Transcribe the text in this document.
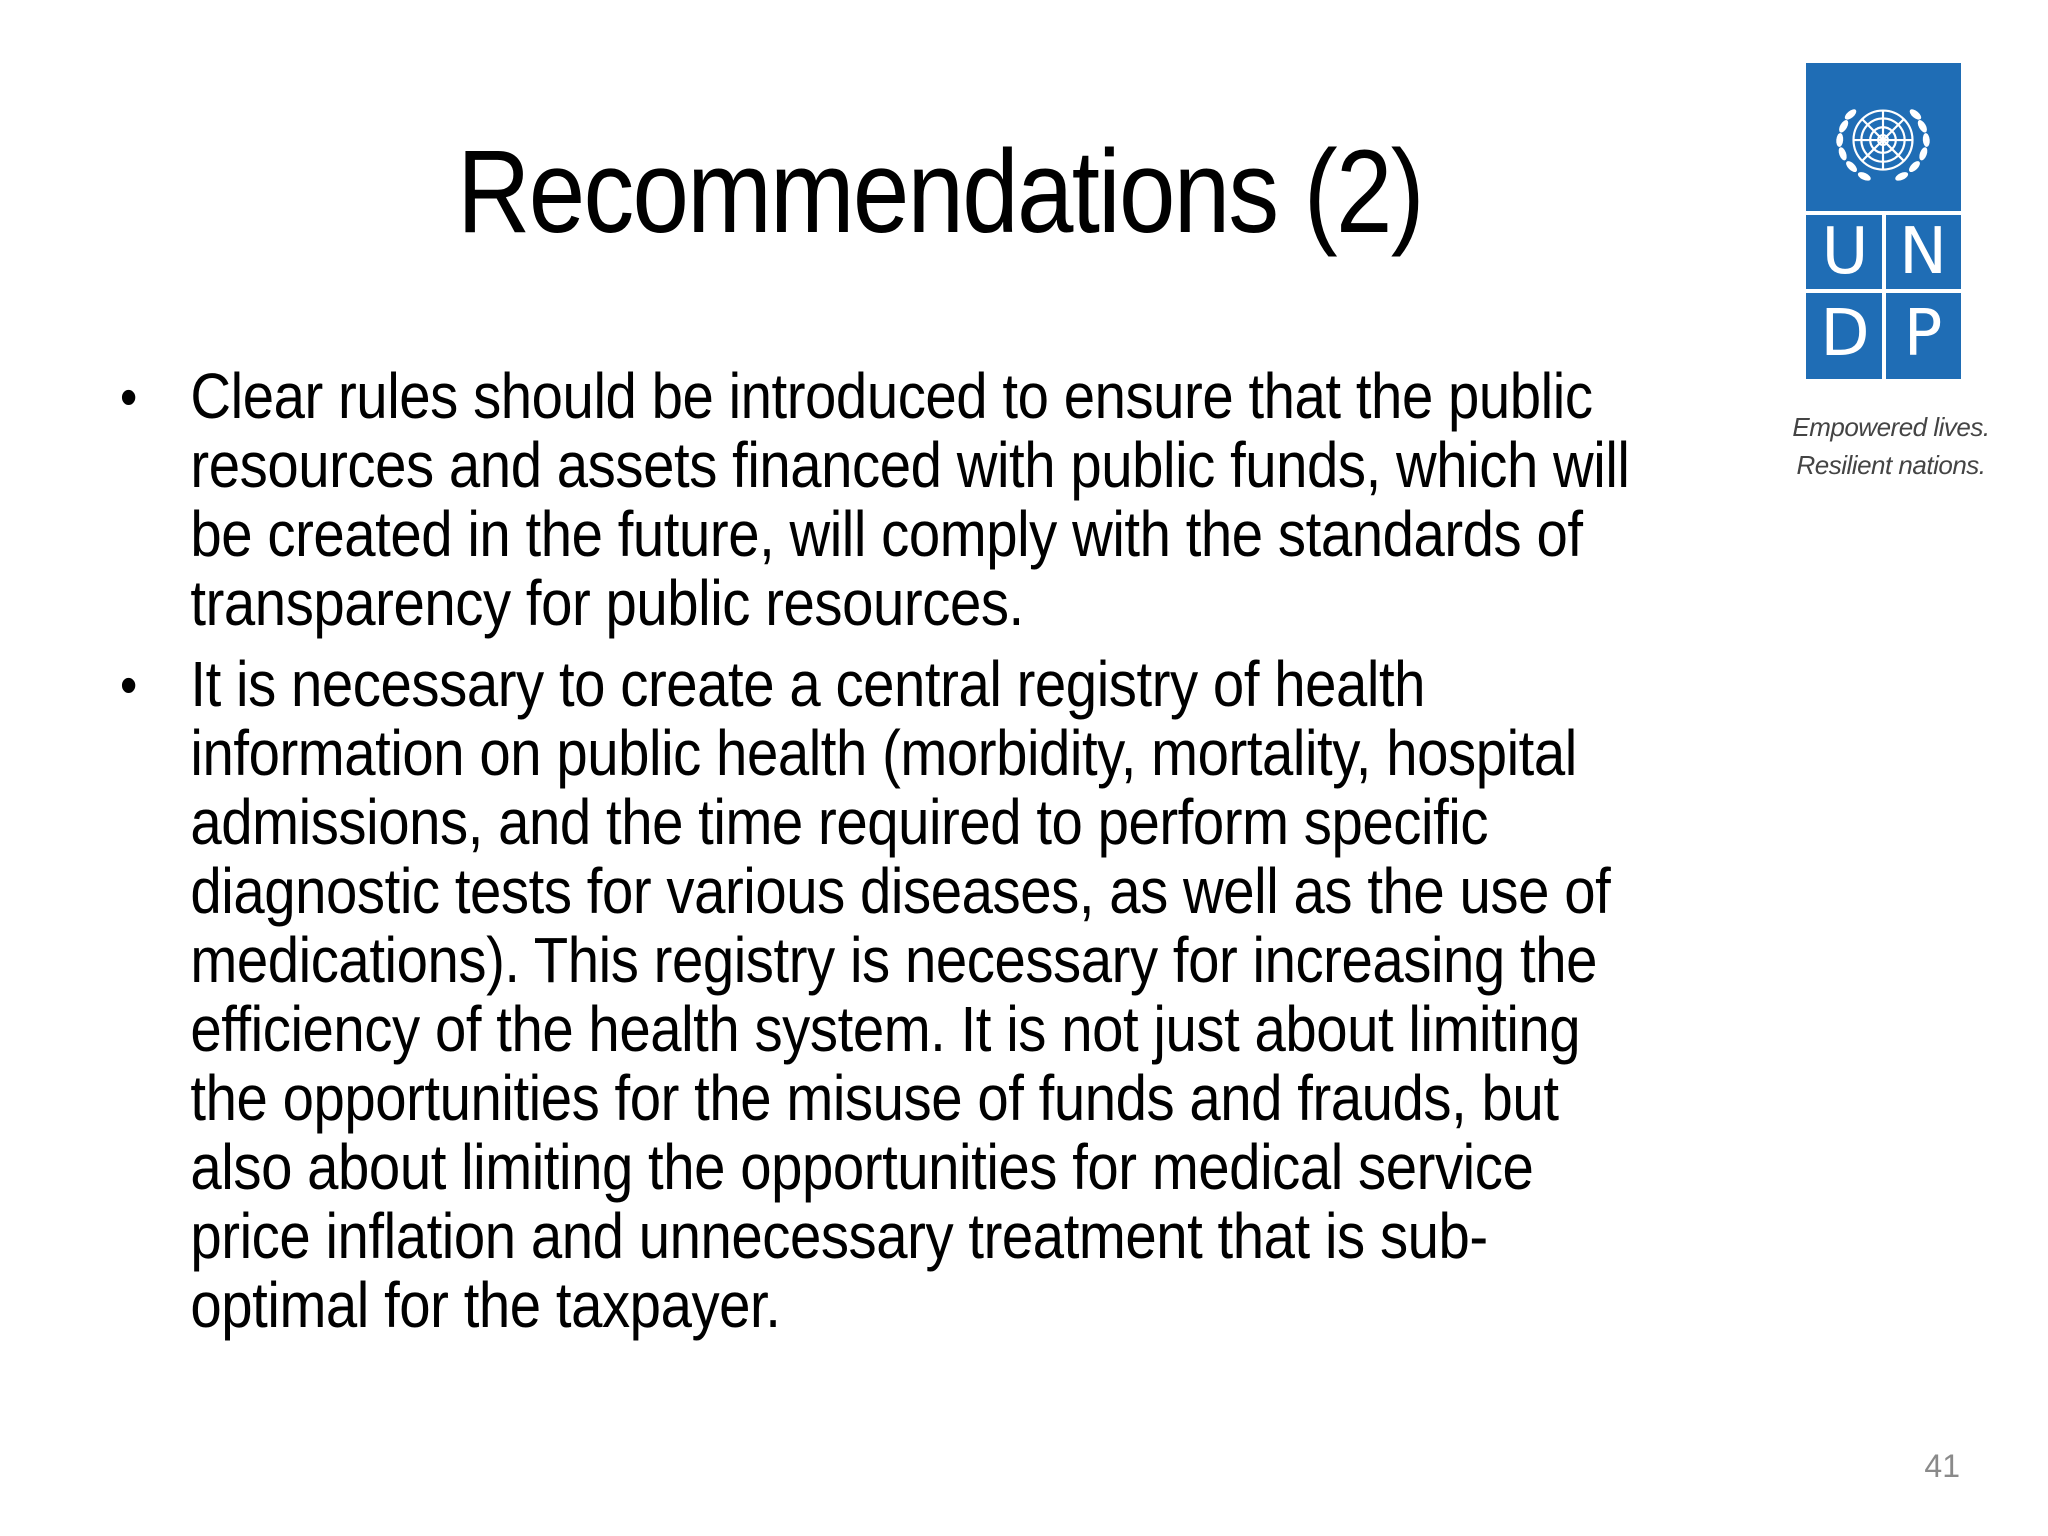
Recommendations (2)
• Clear rules should be introduced to ensure that the public resources and assets financed with public funds, which will be created in the future, will comply with the standards of transparency for public resources.
• It is necessary to create a central registry of health information on public health (morbidity, mortality, hospital admissions, and the time required to perform specific diagnostic tests for various diseases, as well as the use of medications). This registry is necessary for increasing the efficiency of the health system. It is not just about limiting the opportunities for the misuse of funds and frauds, but also about limiting the opportunities for medical service price inflation and unnecessary treatment that is sub-optimal for the taxpayer.
U N
D P
Empowered lives.
Resilient nations.
41
